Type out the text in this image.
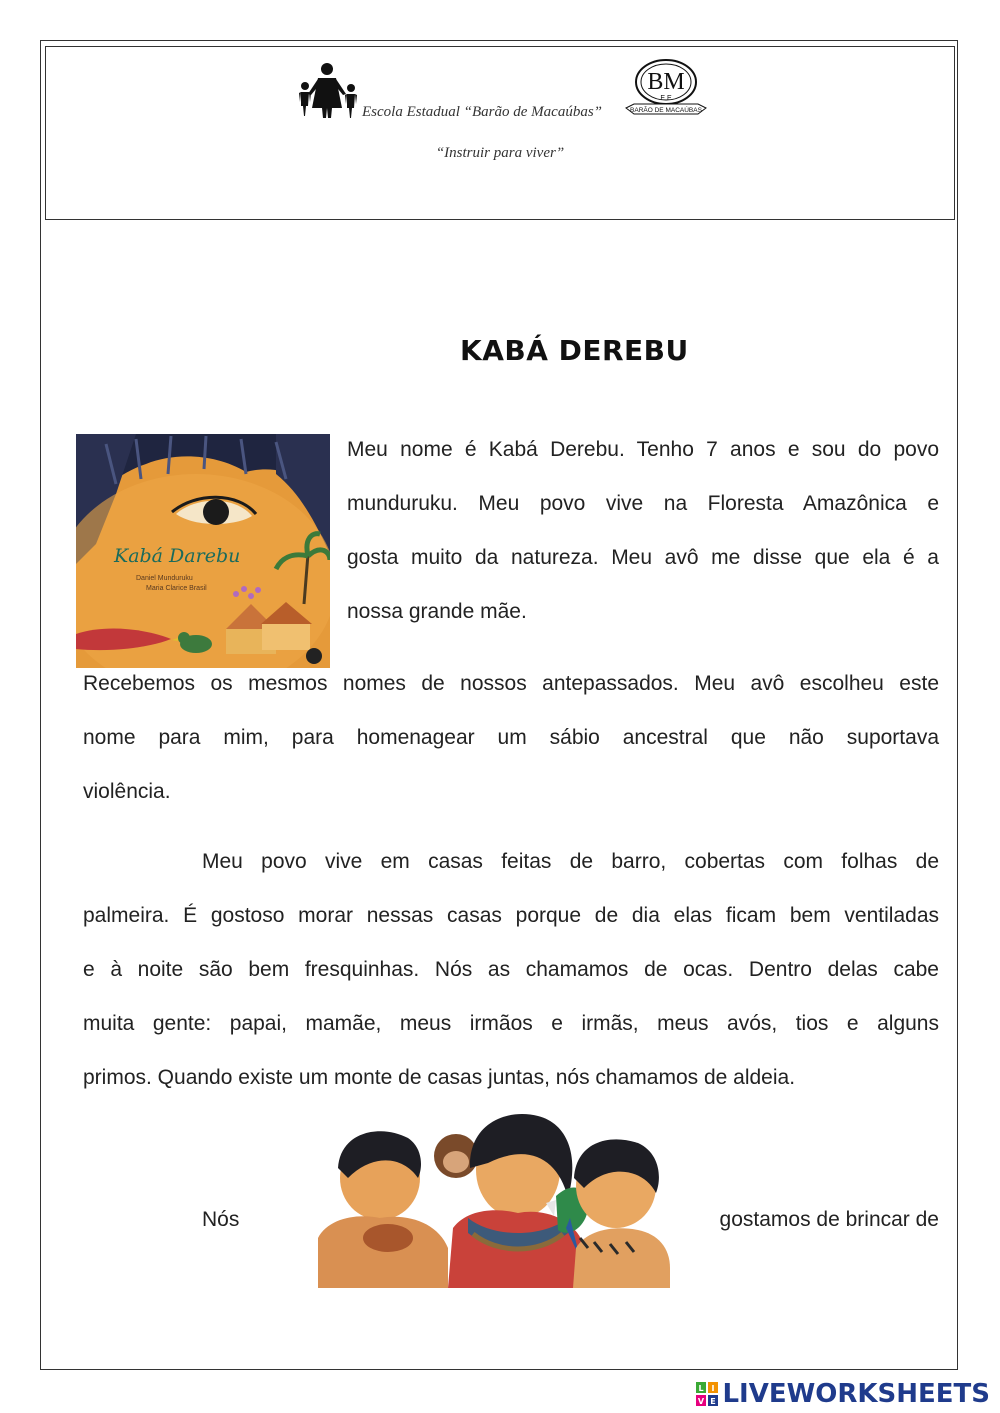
Escola Estadual “Barão de Macaúbas”
BM
E E
BARÃO DE MACAÚBAS
“Instruir para viver”
KABÁ DEREBU
Kabá Darebu
Daniel Munduruku
Maria Clarice Brasil
Meu nome é Kabá Derebu. Tenho 7 anos e sou do povo
munduruku. Meu povo vive na Floresta Amazônica e
gosta muito da natureza. Meu avô me disse que ela é a
nossa grande mãe.
Recebemos os mesmos nomes de nossos antepassados. Meu avô escolheu este
nome para mim, para homenagear um sábio ancestral que não suportava
violência.
Meu povo vive em casas feitas de barro, cobertas com folhas de
palmeira. É gostoso morar nessas casas porque de dia elas ficam bem ventiladas
e à noite são bem fresquinhas. Nós as chamamos de ocas. Dentro delas cabe
muita gente: papai, mamãe, meus irmãos e irmãs, meus avós, tios e alguns
primos. Quando existe um monte de casas juntas, nós chamamos de aldeia.
Nós	gostamos de brincar de
L I
V E LIVEWORKSHEETS
